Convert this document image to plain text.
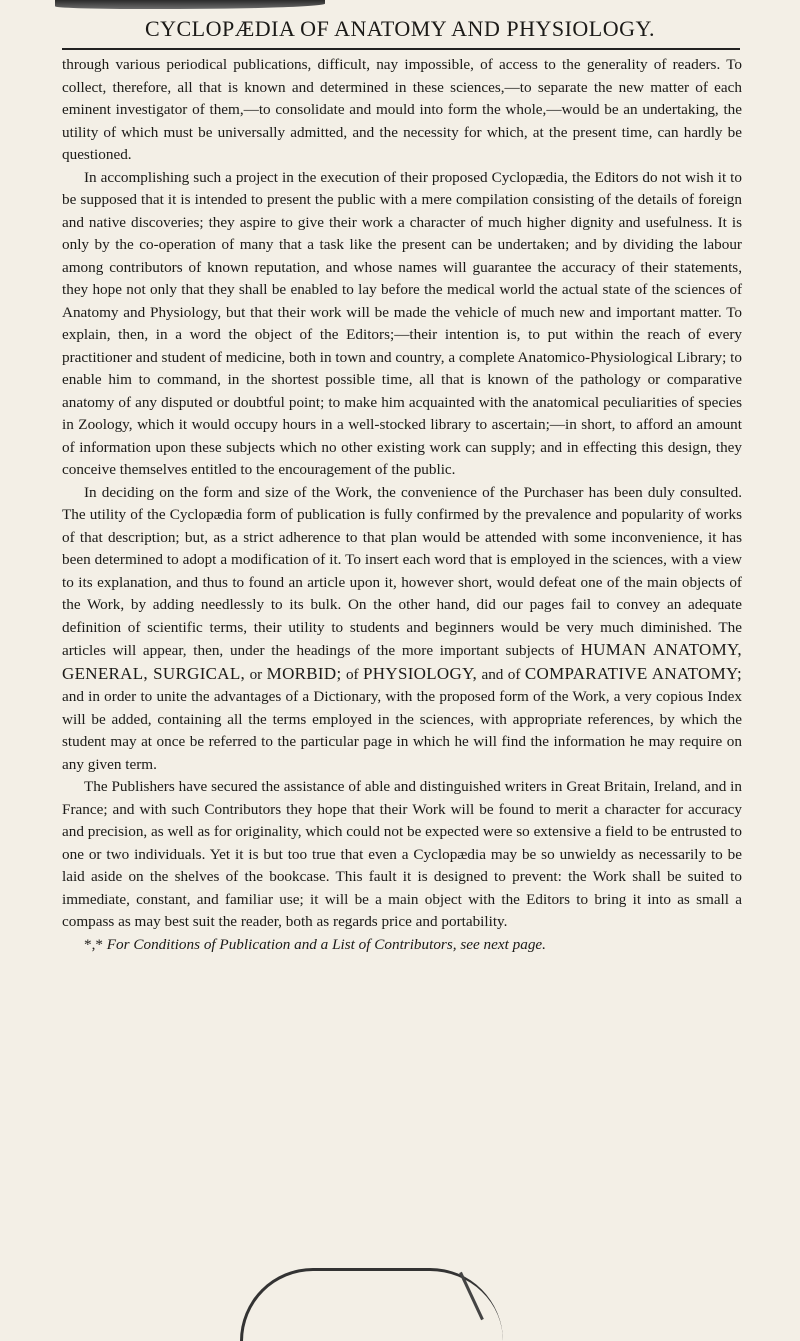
CYCLOPÆDIA OF ANATOMY AND PHYSIOLOGY.

through various periodical publications, difficult, nay impossible, of access to the generality of readers. To collect, therefore, all that is known and determined in these sciences,—to separate the new matter of each eminent investigator of them,—to consolidate and mould into form the whole,—would be an undertaking, the utility of which must be universally admitted, and the necessity for which, at the present time, can hardly be questioned.

In accomplishing such a project in the execution of their proposed Cyclopædia, the Editors do not wish it to be supposed that it is intended to present the public with a mere compilation consisting of the details of foreign and native discoveries; they aspire to give their work a character of much higher dignity and usefulness. It is only by the co-operation of many that a task like the present can be undertaken; and by dividing the labour among contributors of known reputation, and whose names will guarantee the accuracy of their statements, they hope not only that they shall be enabled to lay before the medical world the actual state of the sciences of Anatomy and Physiology, but that their work will be made the vehicle of much new and important matter. To explain, then, in a word the object of the Editors;—their intention is, to put within the reach of every practitioner and student of medicine, both in town and country, a complete Anatomico-Physiological Library; to enable him to command, in the shortest possible time, all that is known of the pathology or comparative anatomy of any disputed or doubtful point; to make him acquainted with the anatomical peculiarities of species in Zoology, which it would occupy hours in a well-stocked library to ascertain;—in short, to afford an amount of information upon these subjects which no other existing work can supply; and in effecting this design, they conceive themselves entitled to the encouragement of the public.

In deciding on the form and size of the Work, the convenience of the Purchaser has been duly consulted. The utility of the Cyclopædia form of publication is fully confirmed by the prevalence and popularity of works of that description; but, as a strict adherence to that plan would be attended with some inconvenience, it has been determined to adopt a modification of it. To insert each word that is employed in the sciences, with a view to its explanation, and thus to found an article upon it, however short, would defeat one of the main objects of the Work, by adding needlessly to its bulk. On the other hand, did our pages fail to convey an adequate definition of scientific terms, their utility to students and beginners would be very much diminished. The articles will appear, then, under the headings of the more important subjects of HUMAN ANATOMY, GENERAL, SURGICAL, or MORBID; of PHYSIOLOGY, and of COMPARATIVE ANATOMY; and in order to unite the advantages of a Dictionary, with the proposed form of the Work, a very copious Index will be added, containing all the terms employed in the sciences, with appropriate references, by which the student may at once be referred to the particular page in which he will find the information he may require on any given term.

The Publishers have secured the assistance of able and distinguished writers in Great Britain, Ireland, and in France; and with such Contributors they hope that their Work will be found to merit a character for accuracy and precision, as well as for originality, which could not be expected were so extensive a field to be entrusted to one or two individuals. Yet it is but too true that even a Cyclopædia may be so unwieldy as necessarily to be laid aside on the shelves of the bookcase. This fault it is designed to prevent: the Work shall be suited to immediate, constant, and familiar use; it will be a main object with the Editors to bring it into as small a compass as may best suit the reader, both as regards price and portability.

*,* For Conditions of Publication and a List of Contributors, see next page.
